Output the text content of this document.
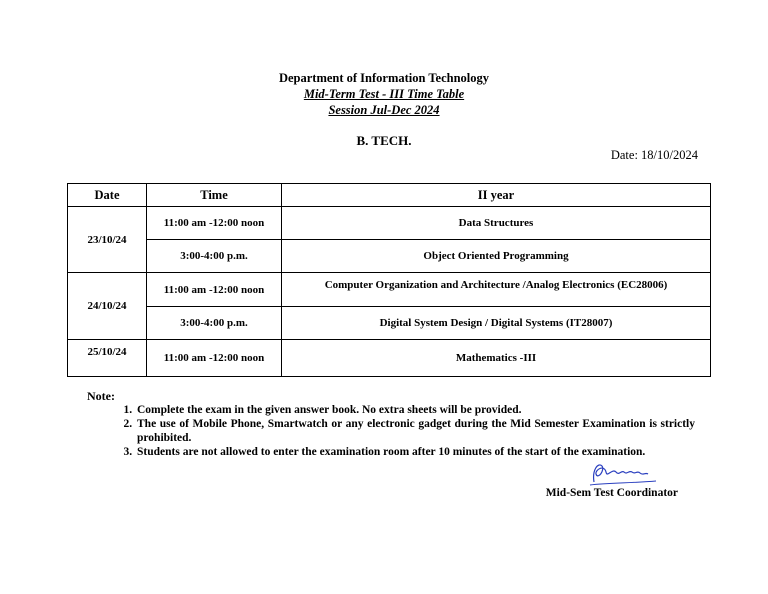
Department of Information Technology
Mid-Term Test - III Time Table
Session Jul-Dec 2024
B. TECH.
Date: 18/10/2024
Date	Time	II year
23/10/24	11:00 am -12:00 noon	Data Structures
	3:00-4:00 p.m.	Object Oriented Programming
24/10/24	11:00 am -12:00 noon	Computer Organization and Architecture /Analog Electronics (EC28006)
	3:00-4:00 p.m.	Digital System Design / Digital Systems (IT28007)
25/10/24	11:00 am -12:00 noon	Mathematics -III
Note:
1. Complete the exam in the given answer book. No extra sheets will be provided.
2. The use of Mobile Phone, Smartwatch or any electronic gadget during the Mid Semester Examination is strictly prohibited.
3. Students are not allowed to enter the examination room after 10 minutes of the start of the examination.
Mid-Sem Test Coordinator
